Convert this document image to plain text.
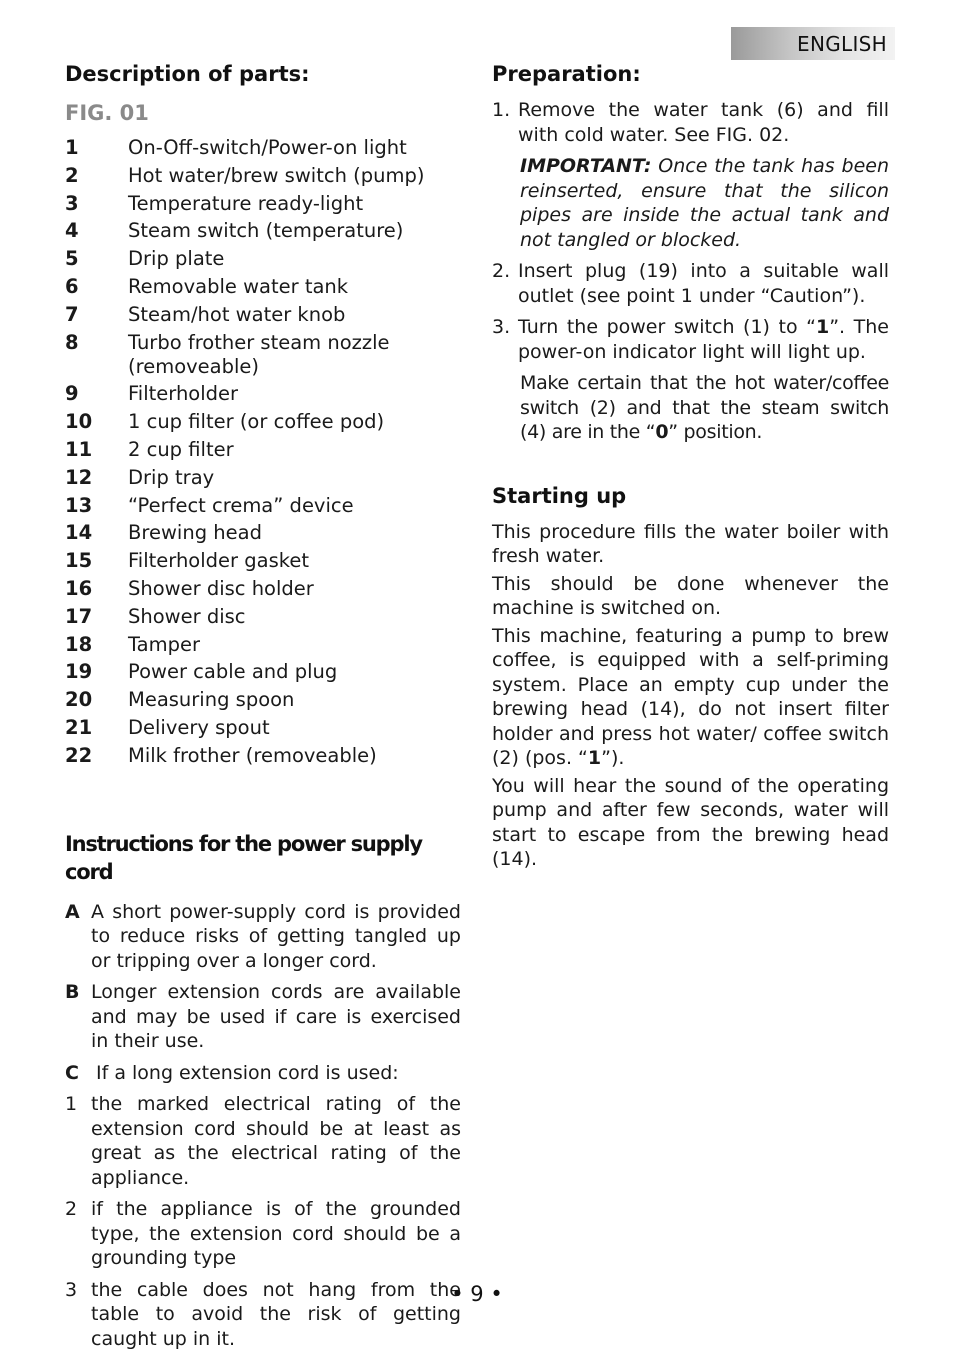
ENGLISH
Description of parts:
FIG. 01
1	On-Off-switch/Power-on light
2	Hot water/brew switch (pump)
3	Temperature ready-light
4	Steam switch (temperature)
5	Drip plate
6	Removable water tank
7	Steam/hot water knob
8	Turbo frother steam nozzle (removeable)
9	Filterholder
10	1 cup filter (or coffee pod)
11	2 cup filter
12	Drip tray
13	“Perfect crema” device
14	Brewing head
15	Filterholder gasket
16	Shower disc holder
17	Shower disc
18	Tamper
19	Power cable and plug
20	Measuring spoon
21	Delivery spout
22	Milk frother (removeable)
Instructions for the power supply cord
A A short power-supply cord is provided to reduce risks of getting tangled up or tripping over a longer cord.
B Longer extension cords are available and may be used if care is exercised in their use.
C If a long extension cord is used:
1 the marked electrical rating of the extension cord should be at least as great as the electrical rating of the appliance.
2 if the appliance is of the grounded type, the extension cord should be a grounding type
3 the cable does not hang from the table to avoid the risk of getting caught up in it.
Preparation:
1. Remove the water tank (6) and fill with cold water. See FIG. 02.
IMPORTANT: Once the tank has been reinserted, ensure that the silicon pipes are inside the actual tank and not tangled or blocked.
2. Insert plug (19) into a suitable wall outlet (see point 1 under “Caution”).
3. Turn the power switch (1) to “1”. The power-on indicator light will light up.
Make certain that the hot water/coffee switch (2) and that the steam switch (4) are in the “0” position.
Starting up

This procedure fills the water boiler with fresh water.

This should be done whenever the machine is switched on.

This machine, featuring a pump to brew coffee, is equipped with a self-priming system. Place an empty cup under the brewing head (14), do not insert filter holder and press hot water/ coffee switch (2) (pos. “1”).

You will hear the sound of the operating pump and after few seconds, water will start to escape from the brewing head (14).

• 9 •
